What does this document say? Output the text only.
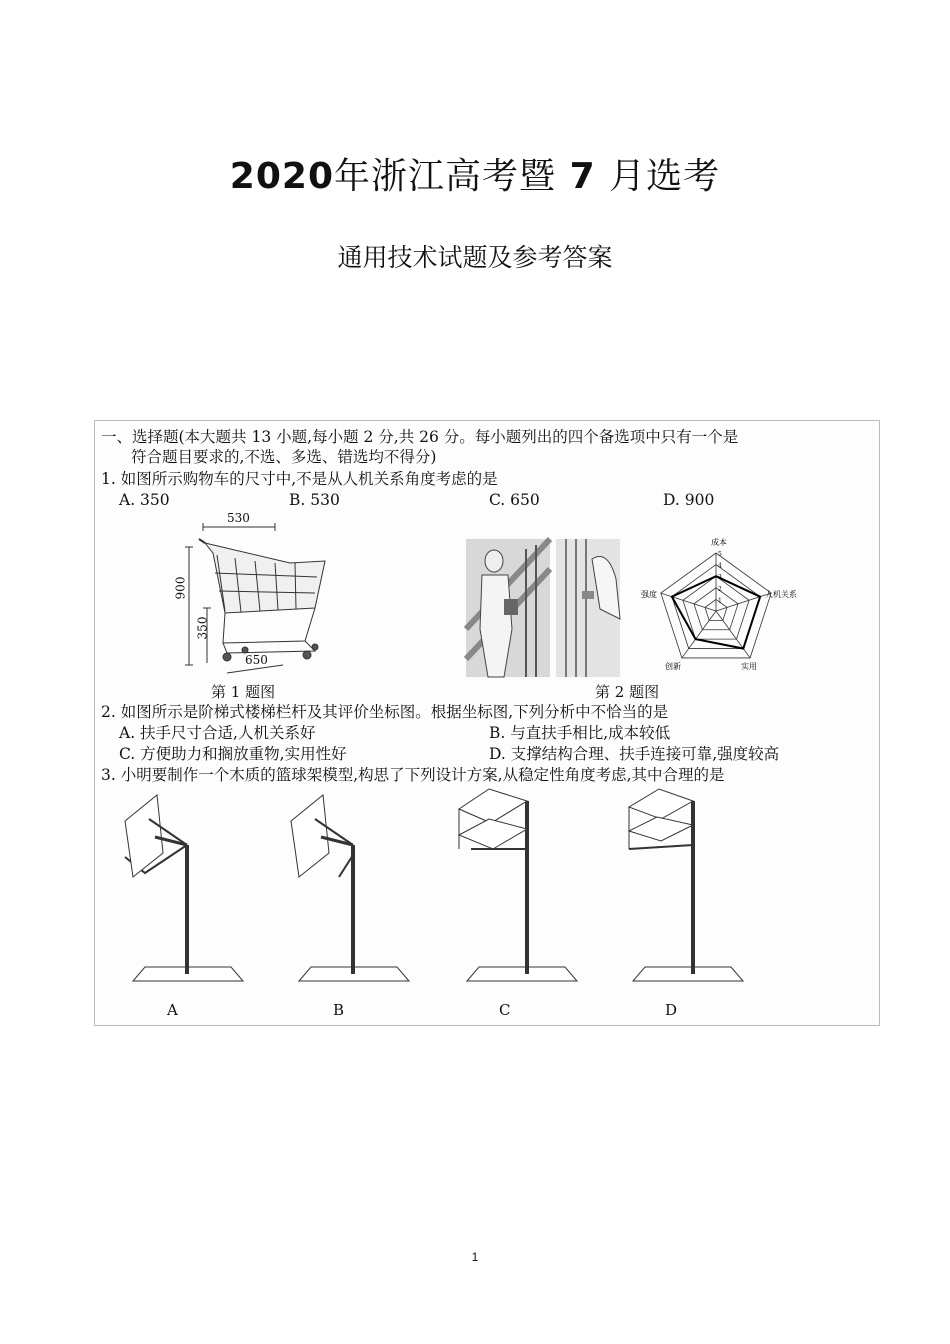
2020年浙江高考暨 7 月选考
通用技术试题及参考答案
一、选择题(本大题共 13 小题,每小题 2 分,共 26 分。每小题列出的四个备选项中只有一个是
符合题目要求的,不选、多选、错选均不得分)
1. 如图所示购物车的尺寸中,不是从人机关系角度考虑的是
A. 350	B. 530	C. 650	D. 900
530
900
350
650
成本
人机关系
实用
创新
强度
1
2
3
4
5
第 1 题图	第 2 题图
2. 如图所示是阶梯式楼梯栏杆及其评价坐标图。根据坐标图,下列分析中不恰当的是
A. 扶手尺寸合适,人机关系好	B. 与直扶手相比,成本较低
C. 方便助力和搁放重物,实用性好	D. 支撑结构合理、扶手连接可靠,强度较高
3. 小明要制作一个木质的篮球架模型,构思了下列设计方案,从稳定性角度考虑,其中合理的是
A	B	C	D
1
